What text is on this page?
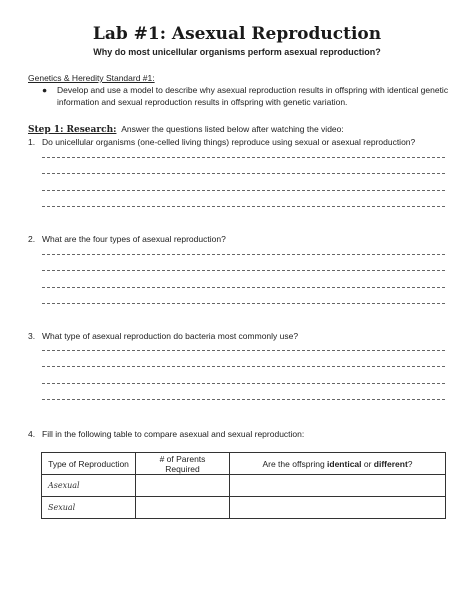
Lab #1: Asexual Reproduction
Why do most unicellular organisms perform asexual reproduction?
Genetics & Heredity Standard #1:
● Develop and use a model to describe why asexual reproduction results in offspring with identical genetic
information and sexual reproduction results in offspring with genetic variation.
Step 1: Research: Answer the questions listed below after watching the video:
1. Do unicellular organisms (one-celled living things) reproduce using sexual or asexual reproduction?
2. What are the four types of asexual reproduction?
3. What type of asexual reproduction do bacteria most commonly use?
4. Fill in the following table to compare asexual and sexual reproduction:
Type of Reproduction	# of Parents Required	Are the offspring identical or different?
Asexual		
Sexual		
